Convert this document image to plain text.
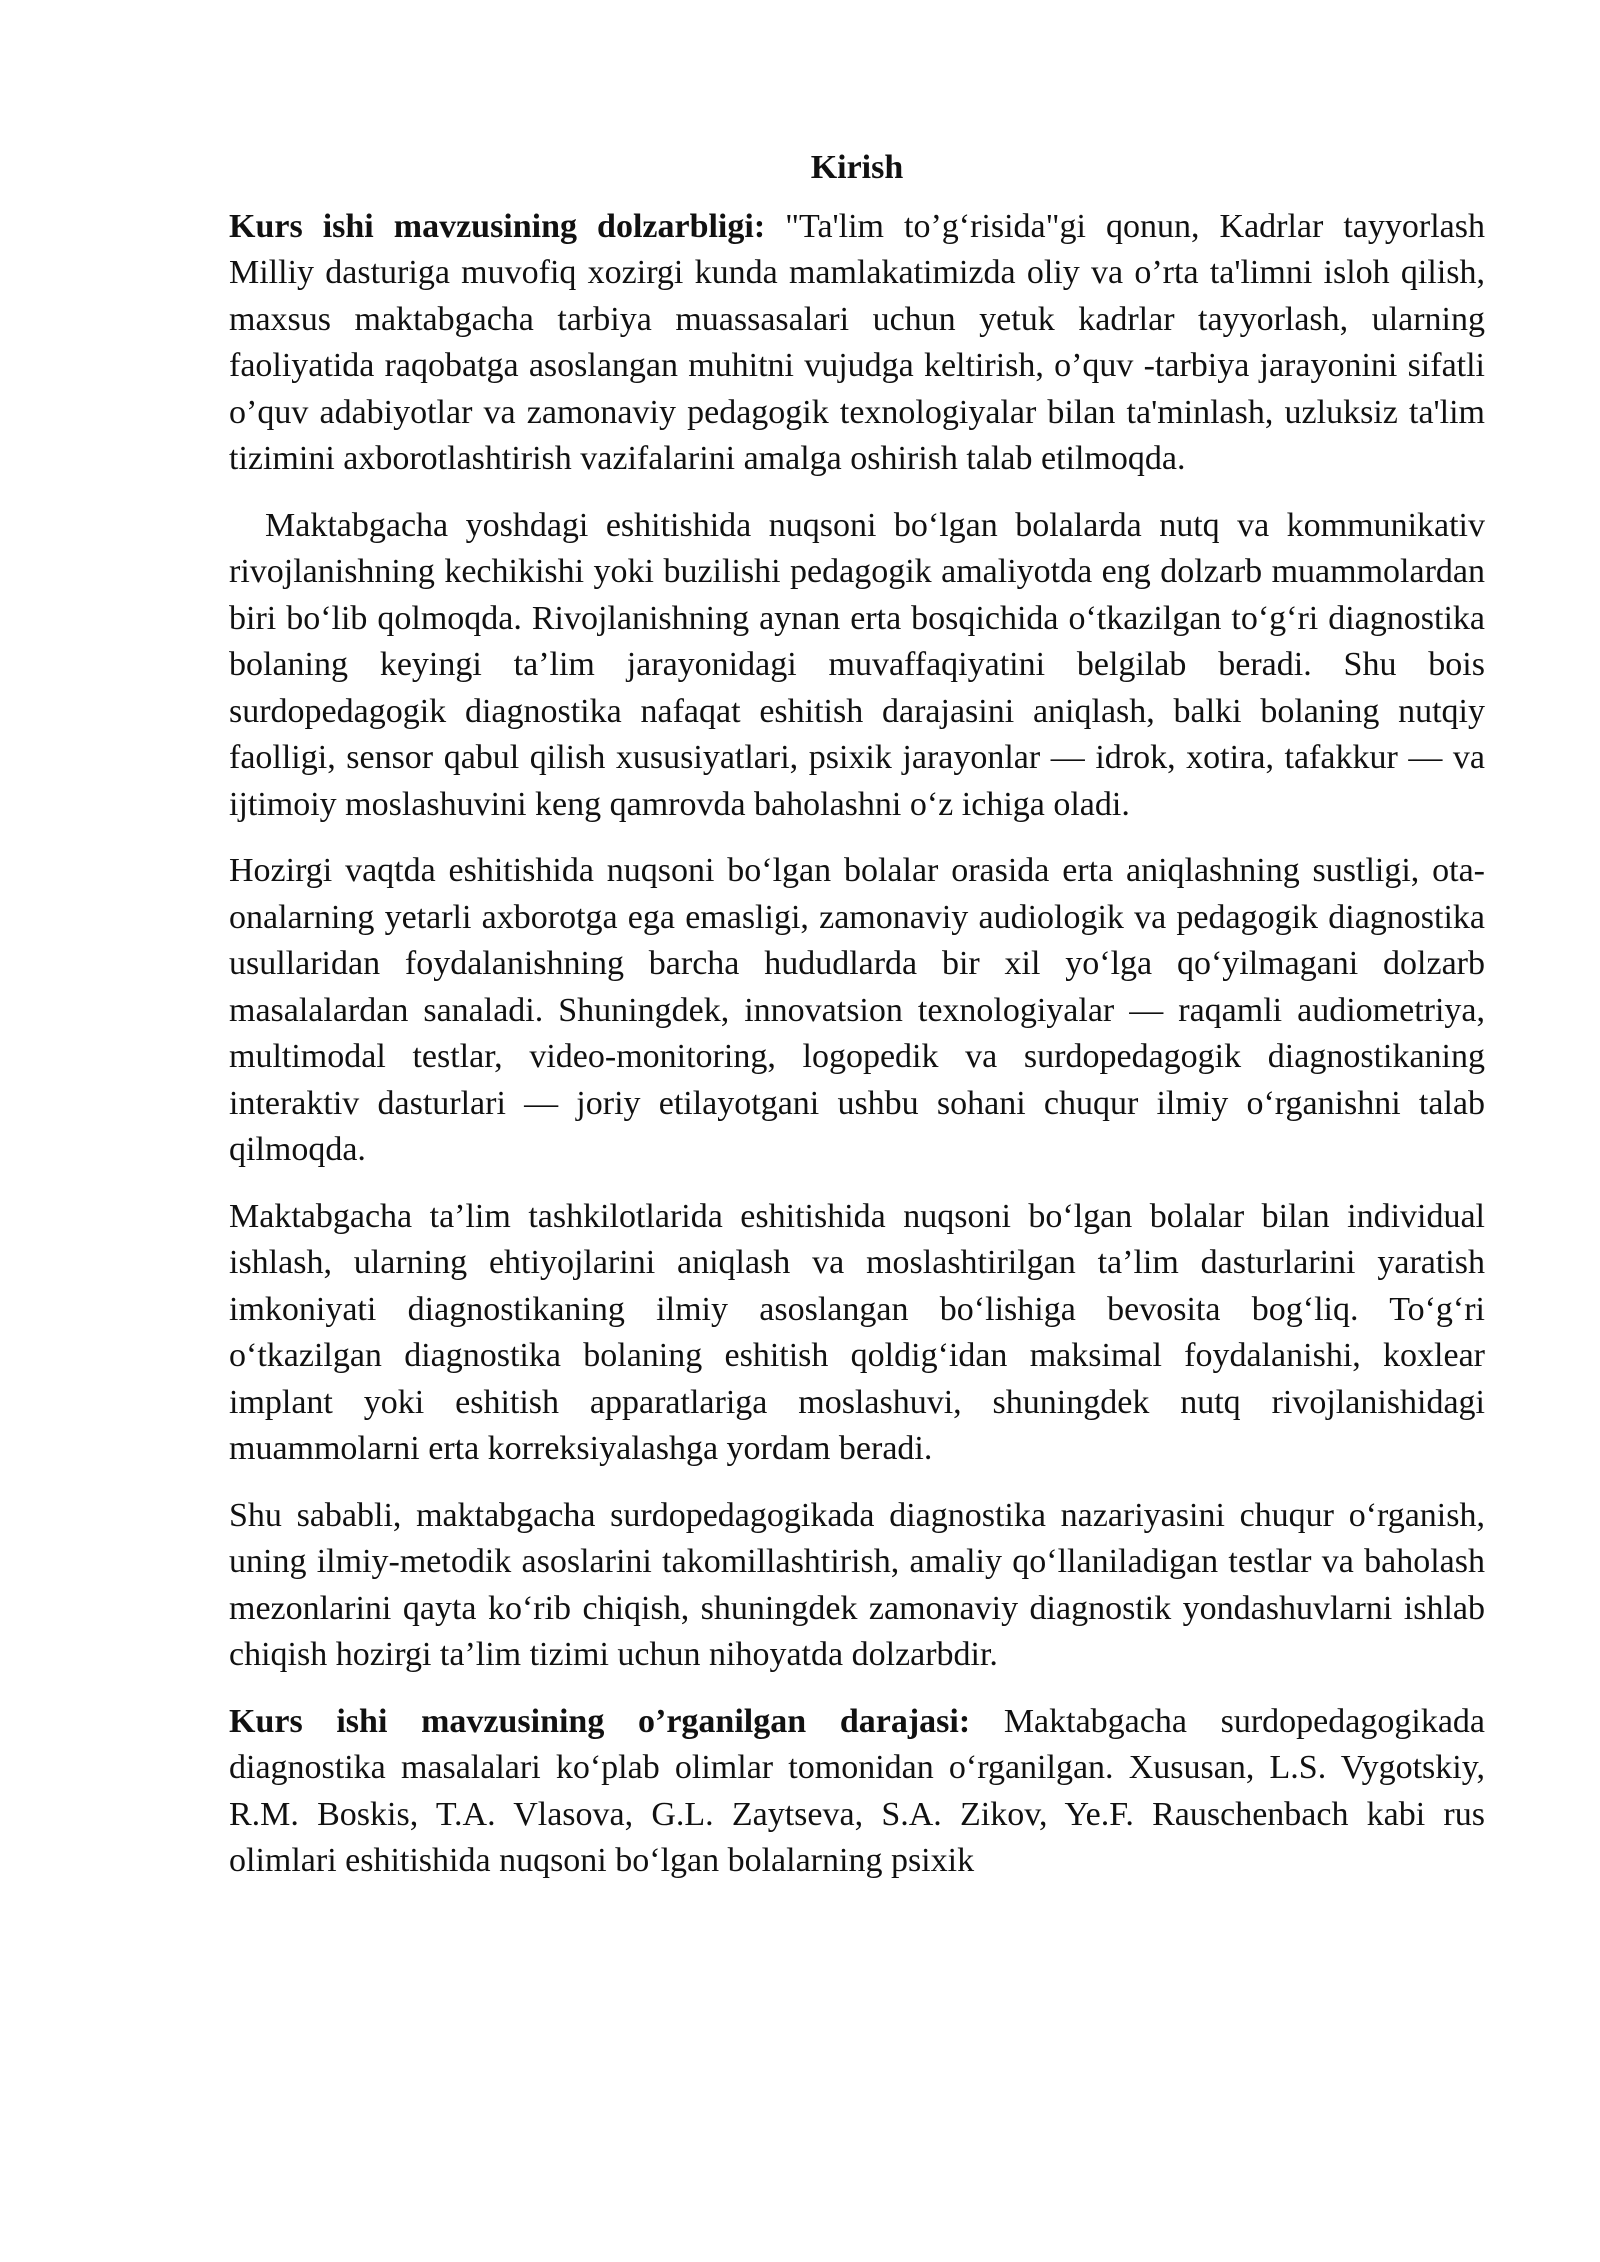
Kirish

Kurs ishi mavzusining dolzarbligi: "Ta'lim to’g‘risida"gi qonun, Kadrlar tayyorlash Milliy dasturiga muvofiq xozirgi kunda mamlakatimizda oliy va o’rta ta'limni isloh qilish, maxsus maktabgacha tarbiya muassasalari uchun yetuk kadrlar tayyorlash, ularning faoliyatida raqobatga asoslangan muhitni vujudga keltirish, o’quv -tarbiya jarayonini sifatli o’quv adabiyotlar va zamonaviy pedagogik texnologiyalar bilan ta'minlash, uzluksiz ta'lim tizimini axborotlashtirish vazifalarini amalga oshirish talab etilmoqda.

Maktabgacha yoshdagi eshitishida nuqsoni bo‘lgan bolalarda nutq va kommunikativ rivojlanishning kechikishi yoki buzilishi pedagogik amaliyotda eng dolzarb muammolardan biri bo‘lib qolmoqda. Rivojlanishning aynan erta bosqichida o‘tkazilgan to‘g‘ri diagnostika bolaning keyingi ta’lim jarayonidagi muvaffaqiyatini belgilab beradi. Shu bois surdopedagogik diagnostika nafaqat eshitish darajasini aniqlash, balki bolaning nutqiy faolligi, sensor qabul qilish xususiyatlari, psixik jarayonlar — idrok, xotira, tafakkur — va ijtimoiy moslashuvini keng qamrovda baholashni o‘z ichiga oladi.

Hozirgi vaqtda eshitishida nuqsoni bo‘lgan bolalar orasida erta aniqlashning sustligi, ota-onalarning yetarli axborotga ega emasligi, zamonaviy audiologik va pedagogik diagnostika usullaridan foydalanishning barcha hududlarda bir xil yo‘lga qo‘yilmagani dolzarb masalalardan sanaladi. Shuningdek, innovatsion texnologiyalar — raqamli audiometriya, multimodal testlar, video-monitoring, logopedik va surdopedagogik diagnostikaning interaktiv dasturlari — joriy etilayotgani ushbu sohani chuqur ilmiy o‘rganishni talab qilmoqda.

Maktabgacha ta’lim tashkilotlarida eshitishida nuqsoni bo‘lgan bolalar bilan individual ishlash, ularning ehtiyojlarini aniqlash va moslashtirilgan ta’lim dasturlarini yaratish imkoniyati diagnostikaning ilmiy asoslangan bo‘lishiga bevosita bog‘liq. To‘g‘ri o‘tkazilgan diagnostika bolaning eshitish qoldig‘idan maksimal foydalanishi, koxlear implant yoki eshitish apparatlariga moslashuvi, shuningdek nutq rivojlanishidagi muammolarni erta korreksiyalashga yordam beradi.

Shu sababli, maktabgacha surdopedagogikada diagnostika nazariyasini chuqur o‘rganish, uning ilmiy-metodik asoslarini takomillashtirish, amaliy qo‘llaniladigan testlar va baholash mezonlarini qayta ko‘rib chiqish, shuningdek zamonaviy diagnostik yondashuvlarni ishlab chiqish hozirgi ta’lim tizimi uchun nihoyatda dolzarbdir.

Kurs ishi mavzusining o’rganilgan darajasi: Maktabgacha surdopedagogikada diagnostika masalalari ko‘plab olimlar tomonidan o‘rganilgan. Xususan, L.S. Vygotskiy, R.M. Boskis, T.A. Vlasova, G.L. Zaytseva, S.A. Zikov, Ye.F. Rauschenbach kabi rus olimlari eshitishida nuqsoni bo‘lgan bolalarning psixik
